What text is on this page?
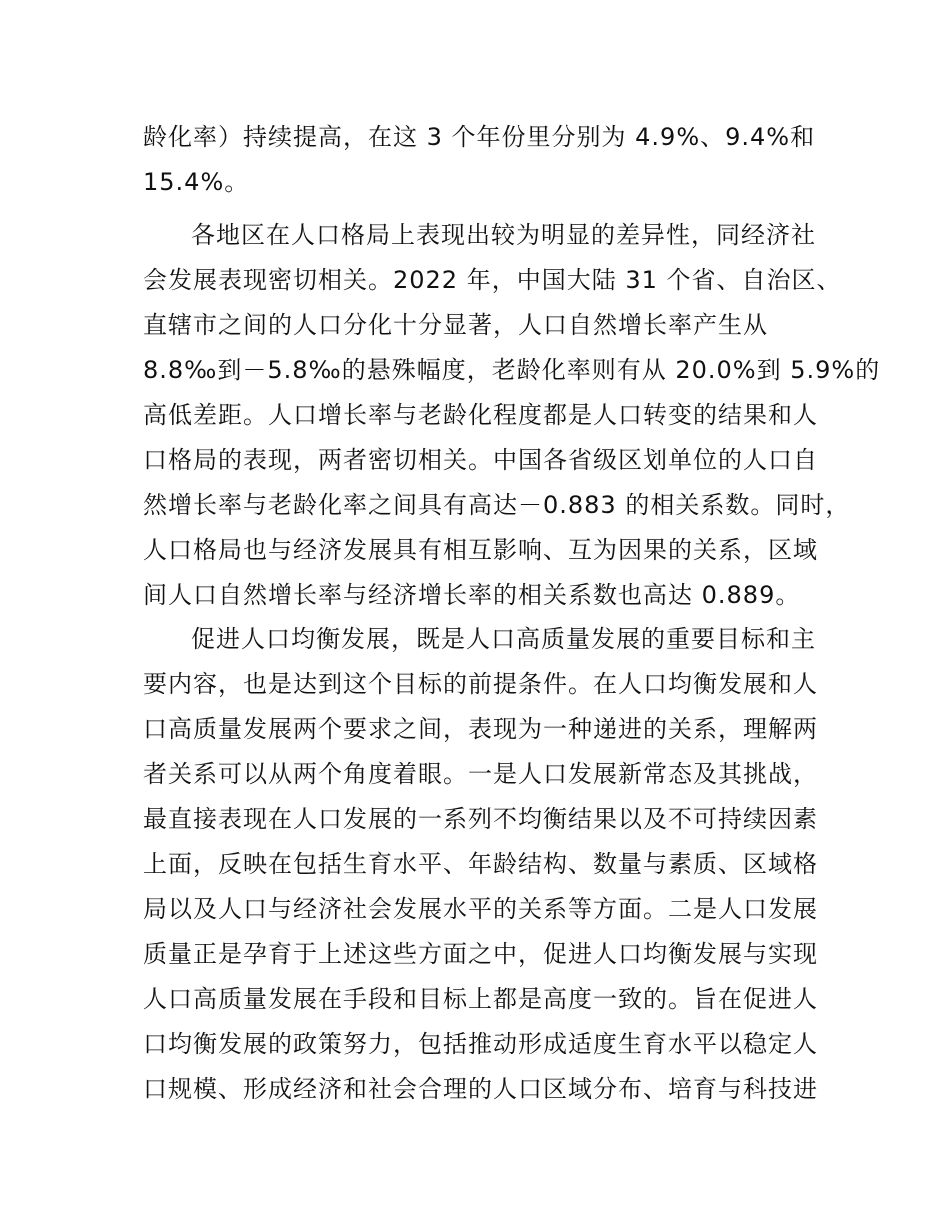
龄化率）持续提高，在这 3 个年份里分别为 4.9%、9.4%和
15.4%。
各地区在人口格局上表现出较为明显的差异性，同经济社
会发展表现密切相关。2022 年，中国大陆 31 个省、自治区、
直辖市之间的人口分化十分显著，人口自然增长率产生从
8.8‰到－5.8‰的悬殊幅度，老龄化率则有从 20.0%到 5.9%的
高低差距。人口增长率与老龄化程度都是人口转变的结果和人
口格局的表现，两者密切相关。中国各省级区划单位的人口自
然增长率与老龄化率之间具有高达－0.883 的相关系数。同时，
人口格局也与经济发展具有相互影响、互为因果的关系，区域
间人口自然增长率与经济增长率的相关系数也高达 0.889。
促进人口均衡发展，既是人口高质量发展的重要目标和主
要内容，也是达到这个目标的前提条件。在人口均衡发展和人
口高质量发展两个要求之间，表现为一种递进的关系，理解两
者关系可以从两个角度着眼。一是人口发展新常态及其挑战，
最直接表现在人口发展的一系列不均衡结果以及不可持续因素
上面，反映在包括生育水平、年龄结构、数量与素质、区域格
局以及人口与经济社会发展水平的关系等方面。二是人口发展
质量正是孕育于上述这些方面之中，促进人口均衡发展与实现
人口高质量发展在手段和目标上都是高度一致的。旨在促进人
口均衡发展的政策努力，包括推动形成适度生育水平以稳定人
口规模、形成经济和社会合理的人口区域分布、培育与科技进
